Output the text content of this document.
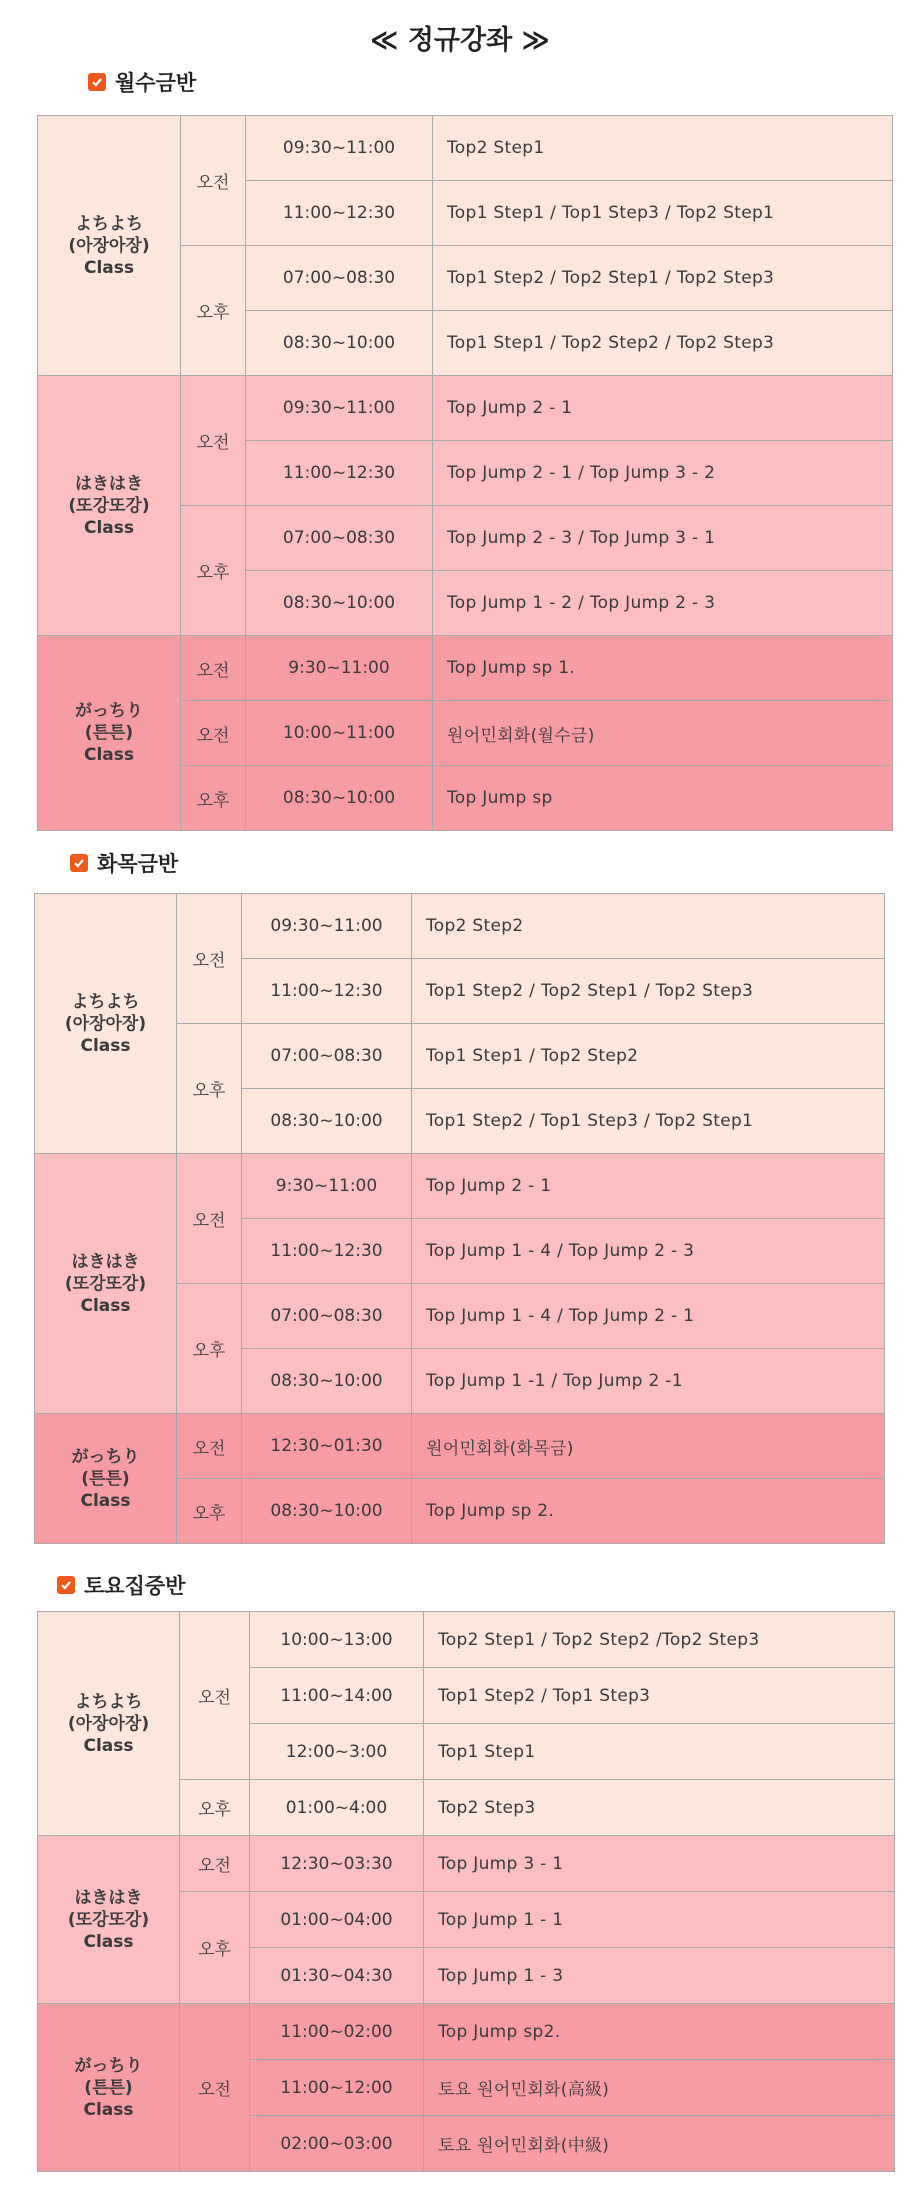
≪ 정규강좌 ≫
월수금반
よちよち
(아장아장)
Class	오전	09:30~11:00	Top2 Step1
		11:00~12:30	Top1 Step1 / Top1 Step3 / Top2 Step1
	오후	07:00~08:30	Top1 Step2 / Top2 Step1 / Top2 Step3
		08:30~10:00	Top1 Step1 / Top2 Step2 / Top2 Step3

はきはき
(또강또강)
Class	오전	09:30~11:00	Top Jump 2 - 1
		11:00~12:30	Top Jump 2 - 1 / Top Jump 3 - 2
	오후	07:00~08:30	Top Jump 2 - 3 / Top Jump 3 - 1
		08:30~10:00	Top Jump 1 - 2 / Top Jump 2 - 3

がっちり
(튼튼)
Class	오전	9:30~11:00	Top Jump sp 1.
	오전	10:00~11:00	원어민회화(월수금)
	오후	08:30~10:00	Top Jump sp
화목금반
よちよち
(아장아장)
Class	오전	09:30~11:00	Top2 Step2
		11:00~12:30	Top1 Step2 / Top2 Step1 / Top2 Step3
	오후	07:00~08:30	Top1 Step1 / Top2 Step2
		08:30~10:00	Top1 Step2 / Top1 Step3 / Top2 Step1

はきはき
(또강또강)
Class	오전	9:30~11:00	Top Jump 2 - 1
		11:00~12:30	Top Jump 1 - 4 / Top Jump 2 - 3
	오후	07:00~08:30	Top Jump 1 - 4 / Top Jump 2 - 1
		08:30~10:00	Top Jump 1 -1 / Top Jump 2 -1

がっちり
(튼튼)
Class	오전	12:30~01:30	원어민회화(화목금)
	오후	08:30~10:00	Top Jump sp 2.
토요집중반
よちよち
(아장아장)
Class	오전	10:00~13:00	Top2 Step1 / Top2 Step2 /Top2 Step3
		11:00~14:00	Top1 Step2 / Top1 Step3
		12:00~3:00	Top1 Step1
	오후	01:00~4:00	Top2 Step3

はきはき
(또강또강)
Class	오전	12:30~03:30	Top Jump 3 - 1
	오후	01:00~04:00	Top Jump 1 - 1
		01:30~04:30	Top Jump 1 - 3

がっちり
(튼튼)
Class	오전	11:00~02:00	Top Jump sp2.
		11:00~12:00	토요 원어민회화(高級)
		02:00~03:00	토요 원어민회화(中級)
